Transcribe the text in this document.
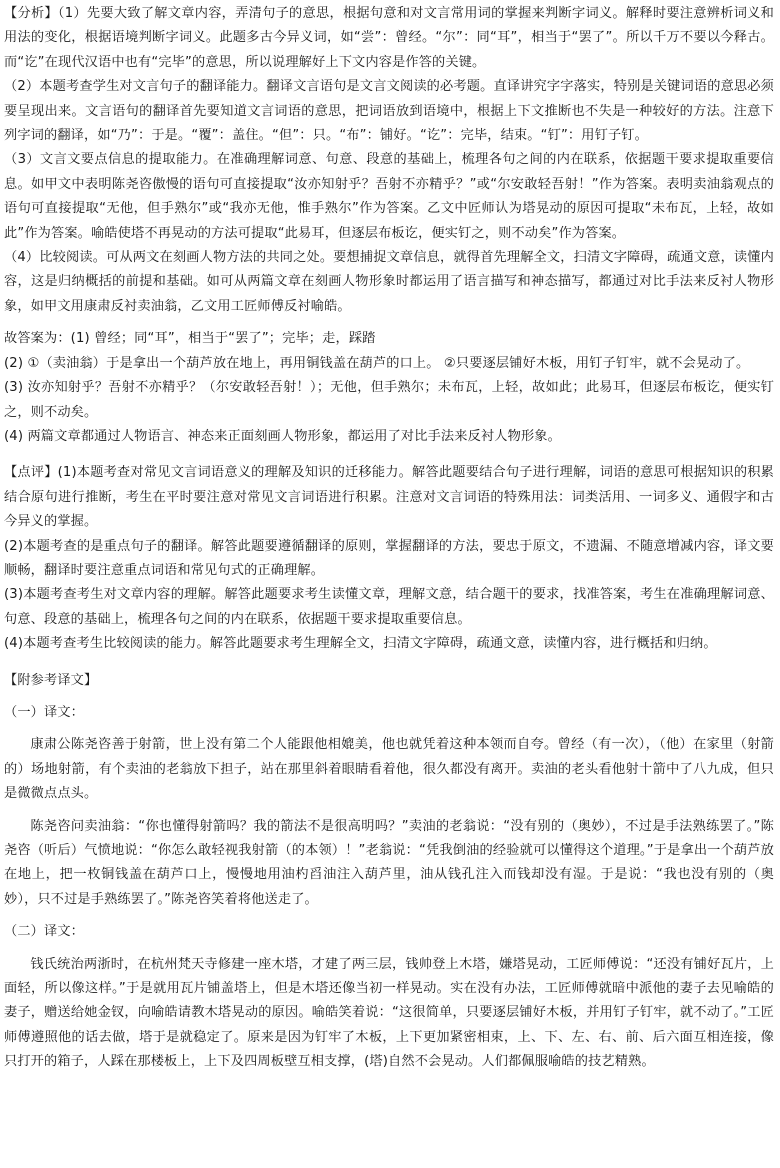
【分析】（1）先要大致了解文章内容，弄清句子的意思，根据句意和对文言常用词的掌握来判断字词义。解释时要注意辨析词义和用法的变化，根据语境判断字词义。此题多古今异义词，如“尝”：曾经。“尔”：同“耳”，相当于“罢了”。所以千万不要以今释古。而“讫”在现代汉语中也有“完毕”的意思，所以说理解好上下文内容是作答的关键。

（2）本题考查学生对文言句子的翻译能力。翻译文言语句是文言文阅读的必考题。直译讲究字字落实，特别是关键词语的意思必须要呈现出来。文言语句的翻译首先要知道文言词语的意思，把词语放到语境中，根据上下文推断也不失是一种较好的方法。注意下列字词的翻译，如“乃”：于是。“覆”：盖住。“但”：只。“布”：铺好。“讫”：完毕，结束。“钉”：用钉子钉。

（3）文言文要点信息的提取能力。在准确理解词意、句意、段意的基础上，梳理各句之间的内在联系，依据题干要求提取重要信息。如甲文中表明陈尧咨傲慢的语句可直接提取“汝亦知射乎？吾射不亦精乎？”或“尔安敢轻吾射！”作为答案。表明卖油翁观点的语句可直接提取“无他，但手熟尔”或“我亦无他，惟手熟尔”作为答案。乙文中匠师认为塔晃动的原因可提取“未布瓦，上轻，故如此”作为答案。喻皓使塔不再晃动的方法可提取“此易耳，但逐层布板讫，便实钉之，则不动矣”作为答案。

（4）比较阅读。可从两文在刻画人物方法的共同之处。要想捕捉文章信息，就得首先理解全文，扫清文字障碍，疏通文意，读懂内容，这是归纳概括的前提和基础。如可从两篇文章在刻画人物形象时都运用了语言描写和神态描写，都通过对比手法来反衬人物形象，如甲文用康肃反衬卖油翁，乙文用工匠师傅反衬喻皓。

故答案为：(1) 曾经；同“耳”，相当于“罢了”；完毕；走，踩踏

(2) ①（卖油翁）于是拿出一个葫芦放在地上，再用铜钱盖在葫芦的口上。 ②只要逐层铺好木板，用钉子钉牢，就不会晃动了。

(3) 汝亦知射乎？吾射不亦精乎？（尔安敢轻吾射！）；无他，但手熟尔；未布瓦，上轻，故如此；此易耳，但逐层布板讫，便实钉之，则不动矣。

(4) 两篇文章都通过人物语言、神态来正面刻画人物形象，都运用了对比手法来反衬人物形象。

【点评】(1)本题考查对常见文言词语意义的理解及知识的迁移能力。解答此题要结合句子进行理解，词语的意思可根据知识的积累结合原句进行推断，考生在平时要注意对常见文言词语进行积累。注意对文言词语的特殊用法：词类活用、一词多义、通假字和古今异义的掌握。

(2)本题考查的是重点句子的翻译。解答此题要遵循翻译的原则，掌握翻译的方法，要忠于原文，不遗漏、不随意增减内容，译文要顺畅，翻译时要注意重点词语和常见句式的正确理解。

(3)本题考查考生对文章内容的理解。解答此题要求考生读懂文章，理解文意，结合题干的要求，找准答案，考生在准确理解词意、句意、段意的基础上，梳理各句之间的内在联系，依据题干要求提取重要信息。

(4)本题考查考生比较阅读的能力。解答此题要求考生理解全文，扫清文字障碍，疏通文意，读懂内容，进行概括和归纳。

【附参考译文】

（一）译文：

康肃公陈尧咨善于射箭，世上没有第二个人能跟他相媲美，他也就凭着这种本领而自夸。曾经（有一次），（他）在家里（射箭的）场地射箭，有个卖油的老翁放下担子，站在那里斜着眼睛看着他，很久都没有离开。卖油的老头看他射十箭中了八九成，但只是微微点点头。

陈尧咨问卖油翁：“你也懂得射箭吗？我的箭法不是很高明吗？”卖油的老翁说：“没有别的（奥妙），不过是手法熟练罢了。”陈尧咨（听后）气愤地说：“你怎么敢轻视我射箭（的本领）！”老翁说：“凭我倒油的经验就可以懂得这个道理。”于是拿出一个葫芦放在地上，把一枚铜钱盖在葫芦口上，慢慢地用油杓舀油注入葫芦里，油从钱孔注入而钱却没有湿。于是说：“我也没有别的（奥妙），只不过是手熟练罢了。”陈尧咨笑着将他送走了。

（二）译文：

钱氏统治两浙时，在杭州梵天寺修建一座木塔，才建了两三层，钱帅登上木塔，嫌塔晃动，工匠师傅说：“还没有铺好瓦片，上面轻，所以像这样。”于是就用瓦片铺盖塔上，但是木塔还像当初一样晃动。实在没有办法，工匠师傅就暗中派他的妻子去见喻皓的妻子，赠送给她金钗，向喻皓请教木塔晃动的原因。喻皓笑着说：“这很简单，只要逐层铺好木板，并用钉子钉牢，就不动了。”工匠师傅遵照他的话去做，塔于是就稳定了。原来是因为钉牢了木板，上下更加紧密相束，上、下、左、右、前、后六面互相连接，像只打开的箱子，人踩在那楼板上，上下及四周板壁互相支撑，(塔)自然不会晃动。人们都佩服喻皓的技艺精熟。
